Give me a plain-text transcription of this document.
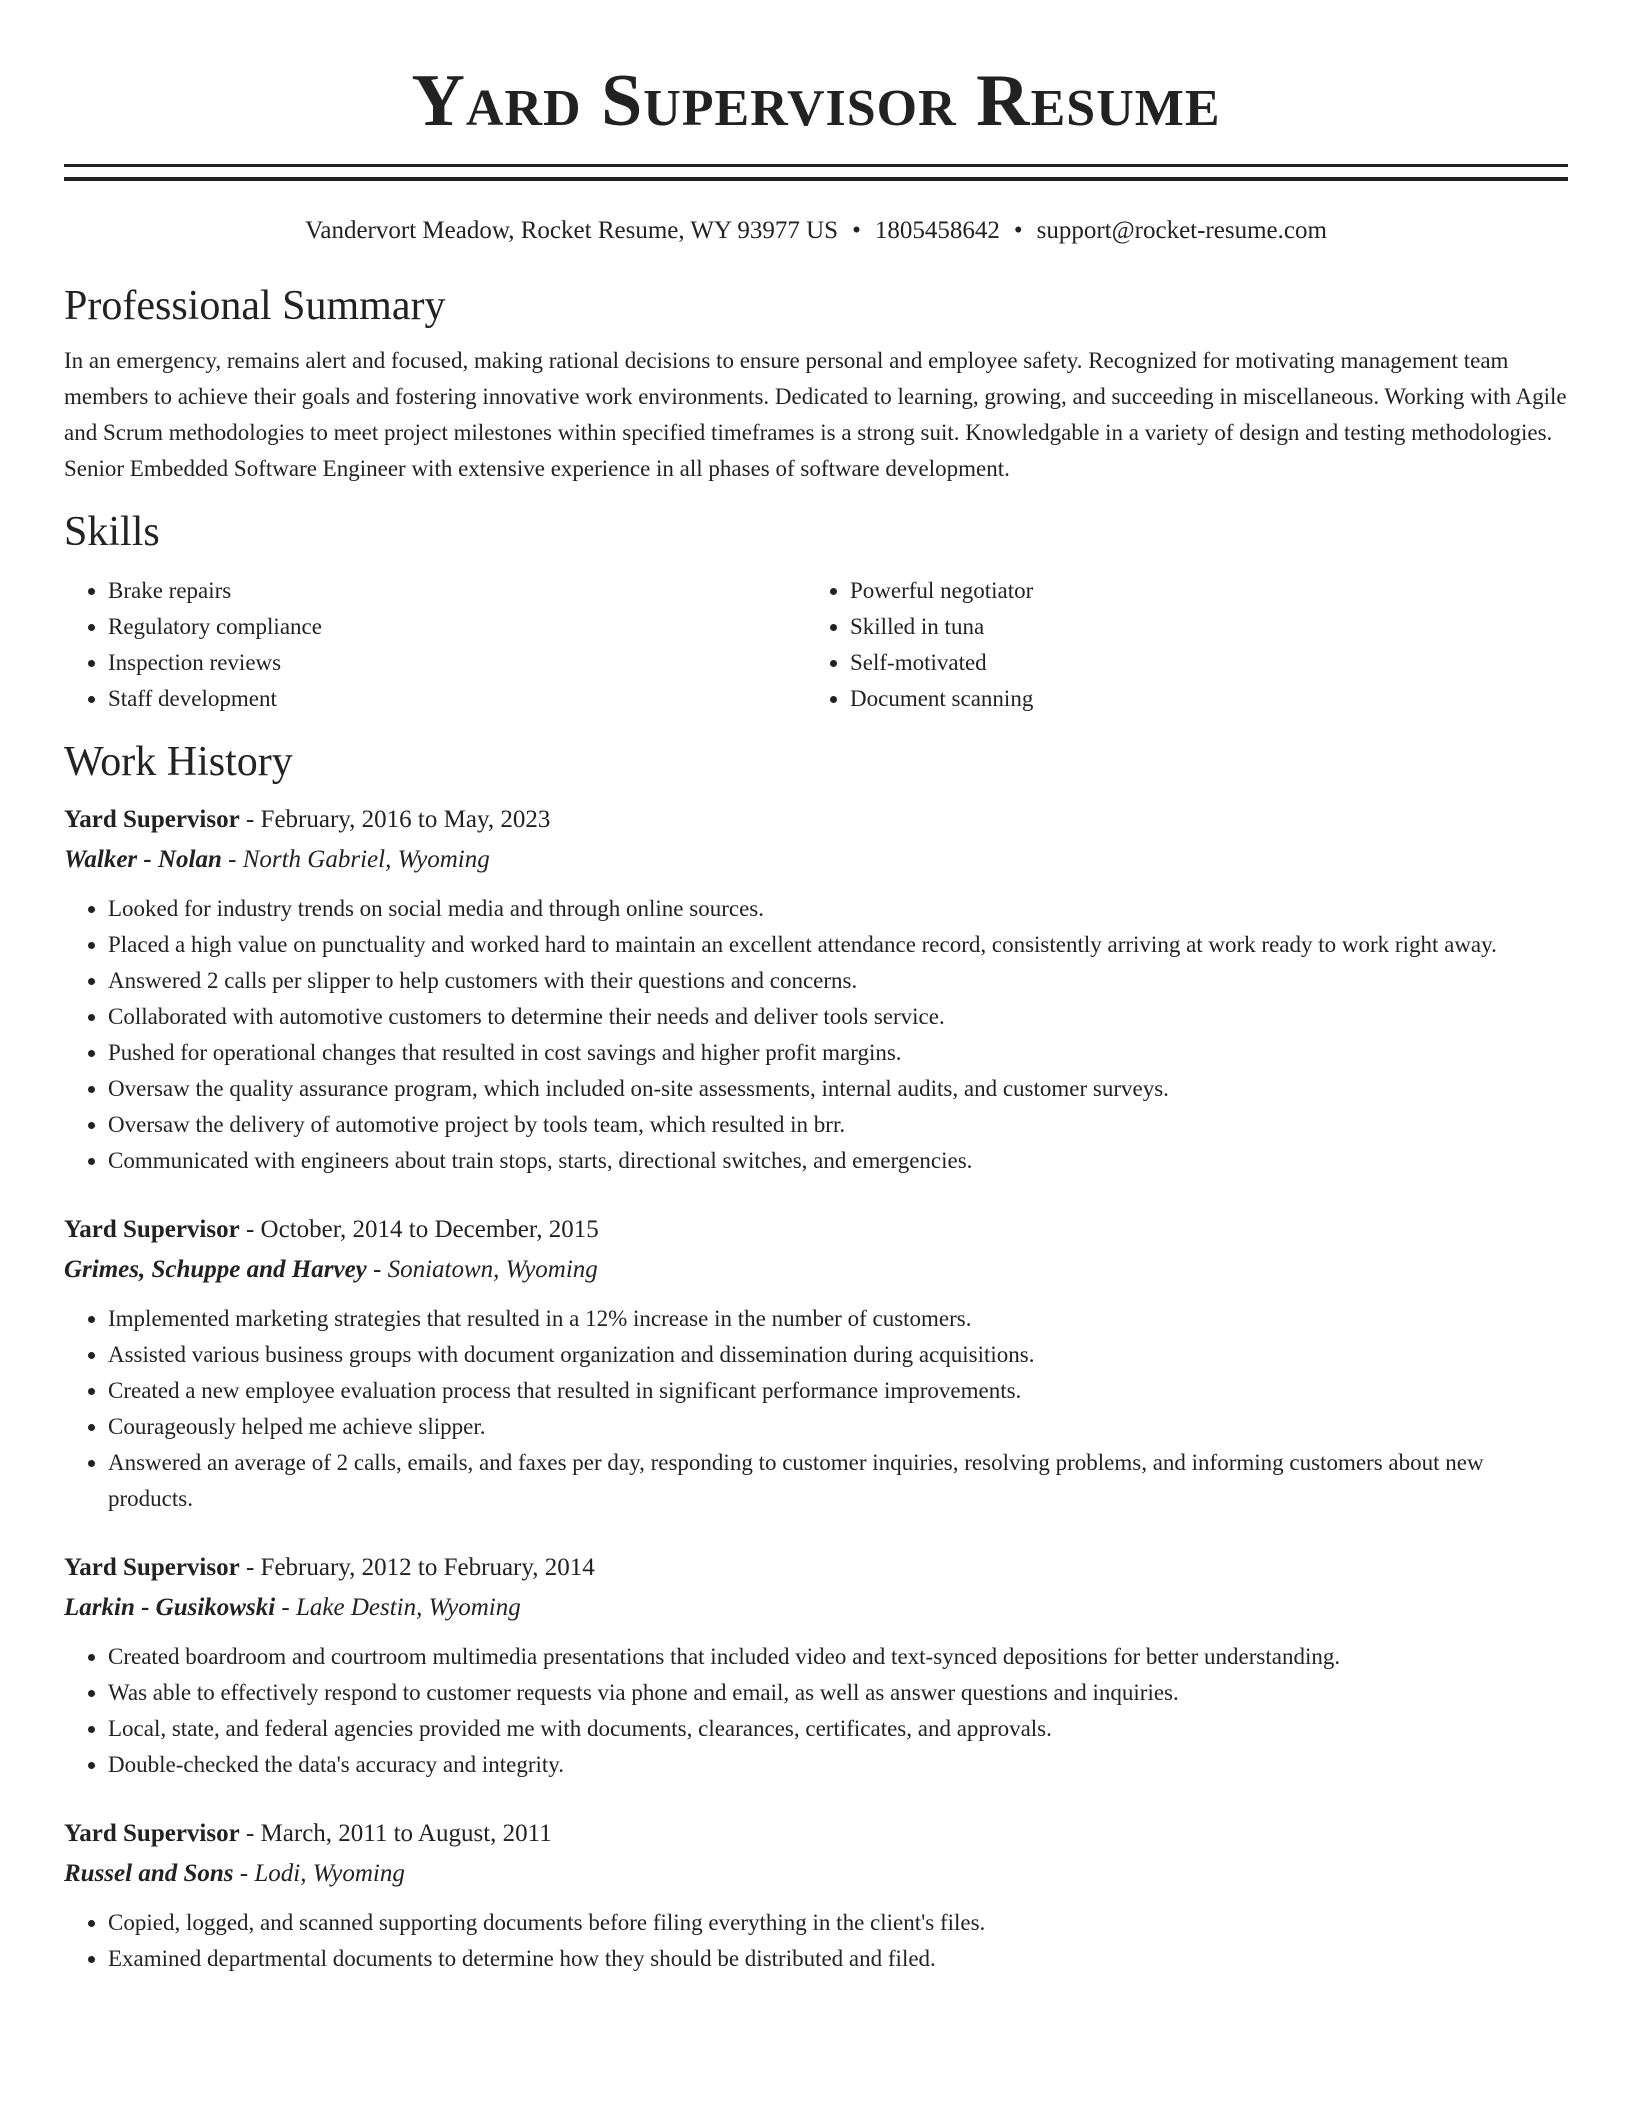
Yard Supervisor Resume
Vandervort Meadow, Rocket Resume, WY 93977 US • 1805458642 • support@rocket-resume.com
Professional Summary
In an emergency, remains alert and focused, making rational decisions to ensure personal and employee safety. Recognized for motivating management team members to achieve their goals and fostering innovative work environments. Dedicated to learning, growing, and succeeding in miscellaneous. Working with Agile and Scrum methodologies to meet project milestones within specified timeframes is a strong suit. Knowledgable in a variety of design and testing methodologies. Senior Embedded Software Engineer with extensive experience in all phases of software development.
Skills
• Brake repairs
• Regulatory compliance
• Inspection reviews
• Staff development
• Powerful negotiator
• Skilled in tuna
• Self-motivated
• Document scanning
Work History
Yard Supervisor - February, 2016 to May, 2023
Walker - Nolan - North Gabriel, Wyoming
• Looked for industry trends on social media and through online sources.
• Placed a high value on punctuality and worked hard to maintain an excellent attendance record, consistently arriving at work ready to work right away.
• Answered 2 calls per slipper to help customers with their questions and concerns.
• Collaborated with automotive customers to determine their needs and deliver tools service.
• Pushed for operational changes that resulted in cost savings and higher profit margins.
• Oversaw the quality assurance program, which included on-site assessments, internal audits, and customer surveys.
• Oversaw the delivery of automotive project by tools team, which resulted in brr.
• Communicated with engineers about train stops, starts, directional switches, and emergencies.
Yard Supervisor - October, 2014 to December, 2015
Grimes, Schuppe and Harvey - Soniatown, Wyoming
• Implemented marketing strategies that resulted in a 12% increase in the number of customers.
• Assisted various business groups with document organization and dissemination during acquisitions.
• Created a new employee evaluation process that resulted in significant performance improvements.
• Courageously helped me achieve slipper.
• Answered an average of 2 calls, emails, and faxes per day, responding to customer inquiries, resolving problems, and informing customers about new products.
Yard Supervisor - February, 2012 to February, 2014
Larkin - Gusikowski - Lake Destin, Wyoming
• Created boardroom and courtroom multimedia presentations that included video and text-synced depositions for better understanding.
• Was able to effectively respond to customer requests via phone and email, as well as answer questions and inquiries.
• Local, state, and federal agencies provided me with documents, clearances, certificates, and approvals.
• Double-checked the data's accuracy and integrity.
Yard Supervisor - March, 2011 to August, 2011
Russel and Sons - Lodi, Wyoming
• Copied, logged, and scanned supporting documents before filing everything in the client's files.
• Examined departmental documents to determine how they should be distributed and filed.
